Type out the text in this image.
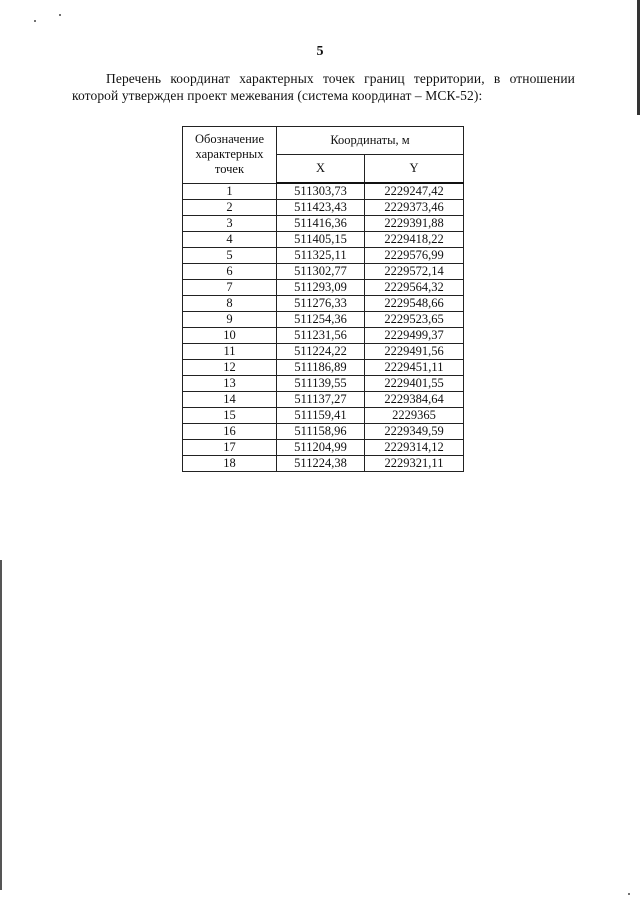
5

Перечень координат характерных точек границ территории, в отношении которой утвержден проект межевания (система координат – МСК-52):

Обозначение характерных точек	Координаты, м	
	X	Y
1	511303,73	2229247,42
2	511423,43	2229373,46
3	511416,36	2229391,88
4	511405,15	2229418,22
5	511325,11	2229576,99
6	511302,77	2229572,14
7	511293,09	2229564,32
8	511276,33	2229548,66
9	511254,36	2229523,65
10	511231,56	2229499,37
11	511224,22	2229491,56
12	511186,89	2229451,11
13	511139,55	2229401,55
14	511137,27	2229384,64
15	511159,41	2229365
16	511158,96	2229349,59
17	511204,99	2229314,12
18	511224,38	2229321,11
